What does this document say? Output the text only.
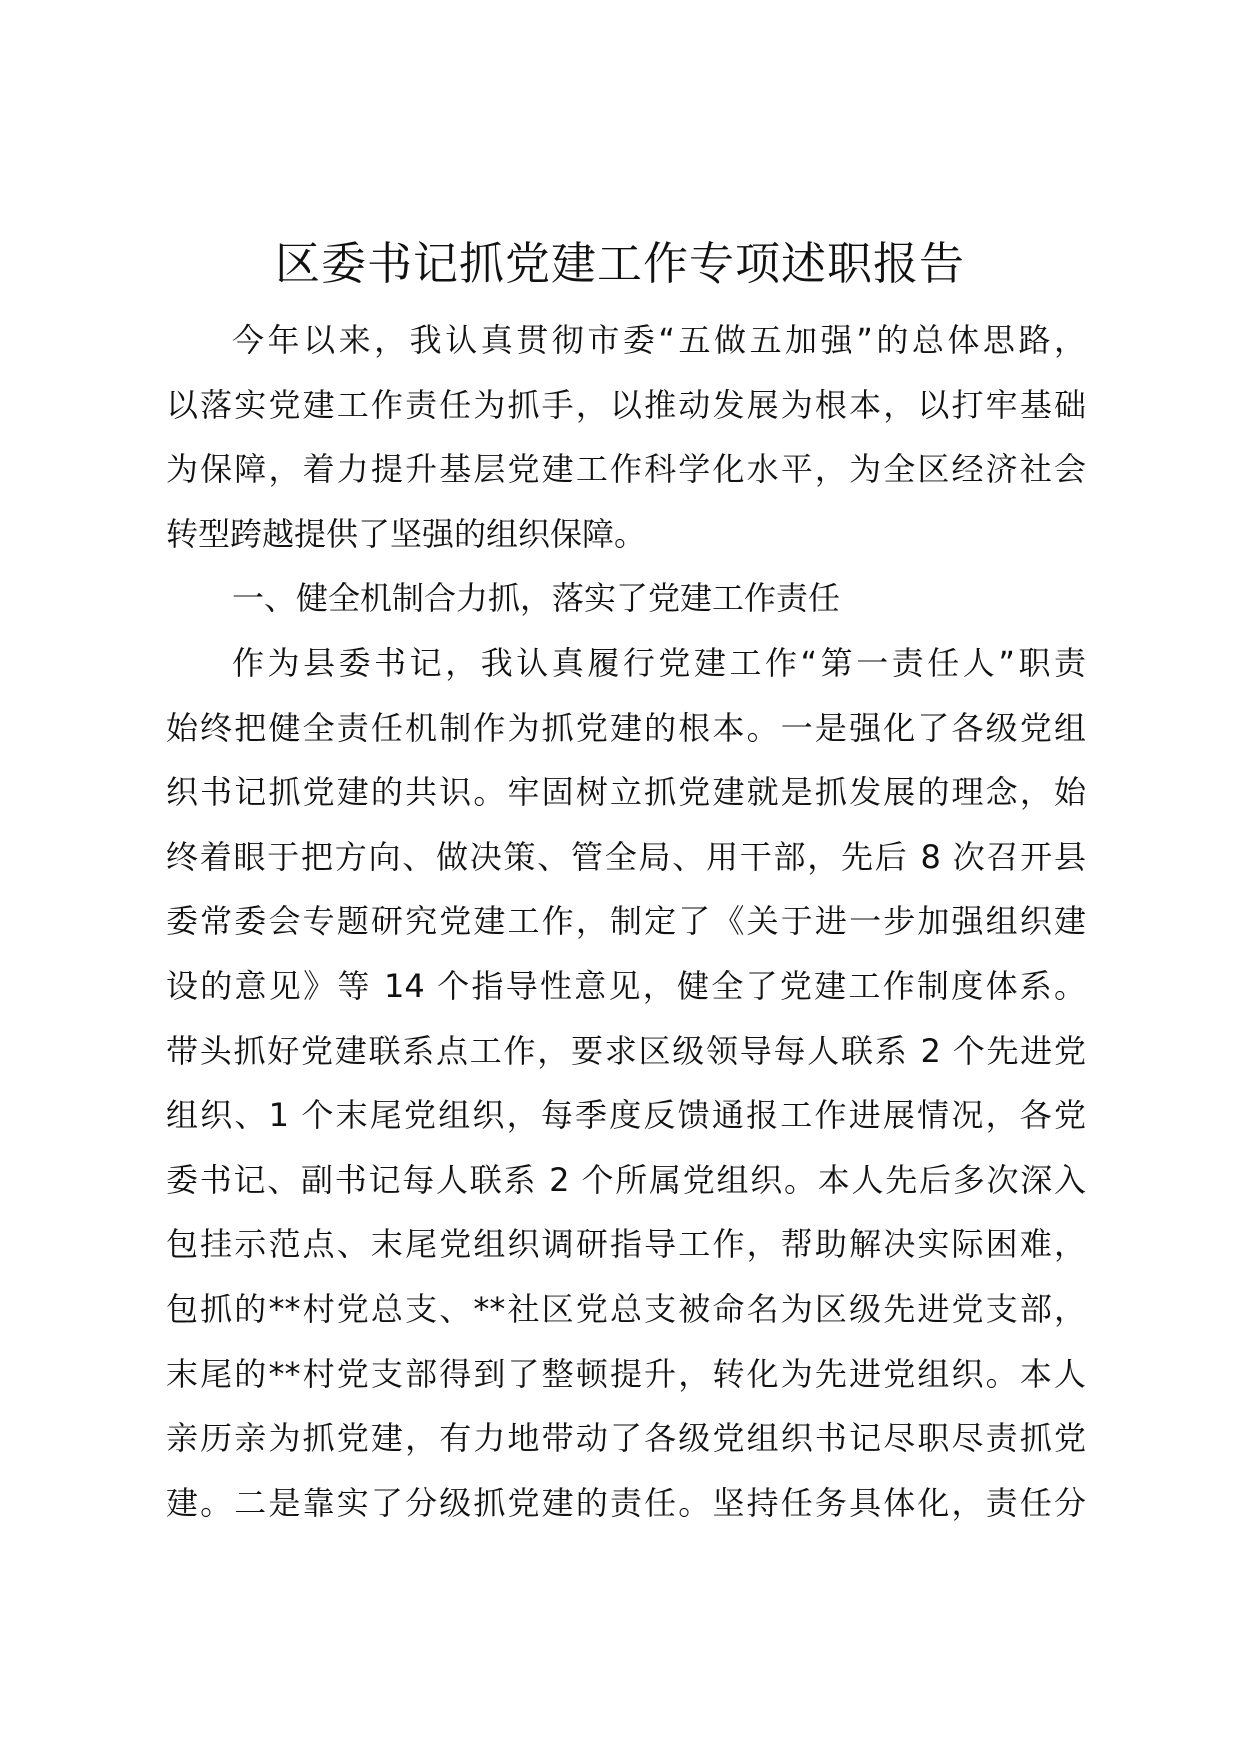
区委书记抓党建工作专项述职报告
今年以来，我认真贯彻市委“五做五加强”的总体思路，
以落实党建工作责任为抓手，以推动发展为根本，以打牢基础
为保障，着力提升基层党建工作科学化水平，为全区经济社会
转型跨越提供了坚强的组织保障。
一、健全机制合力抓，落实了党建工作责任
作为县委书记，我认真履行党建工作“第一责任人”职责
始终把健全责任机制作为抓党建的根本。一是强化了各级党组
织书记抓党建的共识。牢固树立抓党建就是抓发展的理念，始
终着眼于把方向、做决策、管全局、用干部，先后 8 次召开县
委常委会专题研究党建工作，制定了《关于进一步加强组织建
设的意见》等 14 个指导性意见，健全了党建工作制度体系。
带头抓好党建联系点工作，要求区级领导每人联系 2 个先进党
组织、1 个末尾党组织，每季度反馈通报工作进展情况，各党
委书记、副书记每人联系 2 个所属党组织。本人先后多次深入
包挂示范点、末尾党组织调研指导工作，帮助解决实际困难，
包抓的**村党总支、**社区党总支被命名为区级先进党支部，
末尾的**村党支部得到了整顿提升，转化为先进党组织。本人
亲历亲为抓党建，有力地带动了各级党组织书记尽职尽责抓党
建。二是靠实了分级抓党建的责任。坚持任务具体化，责任分
